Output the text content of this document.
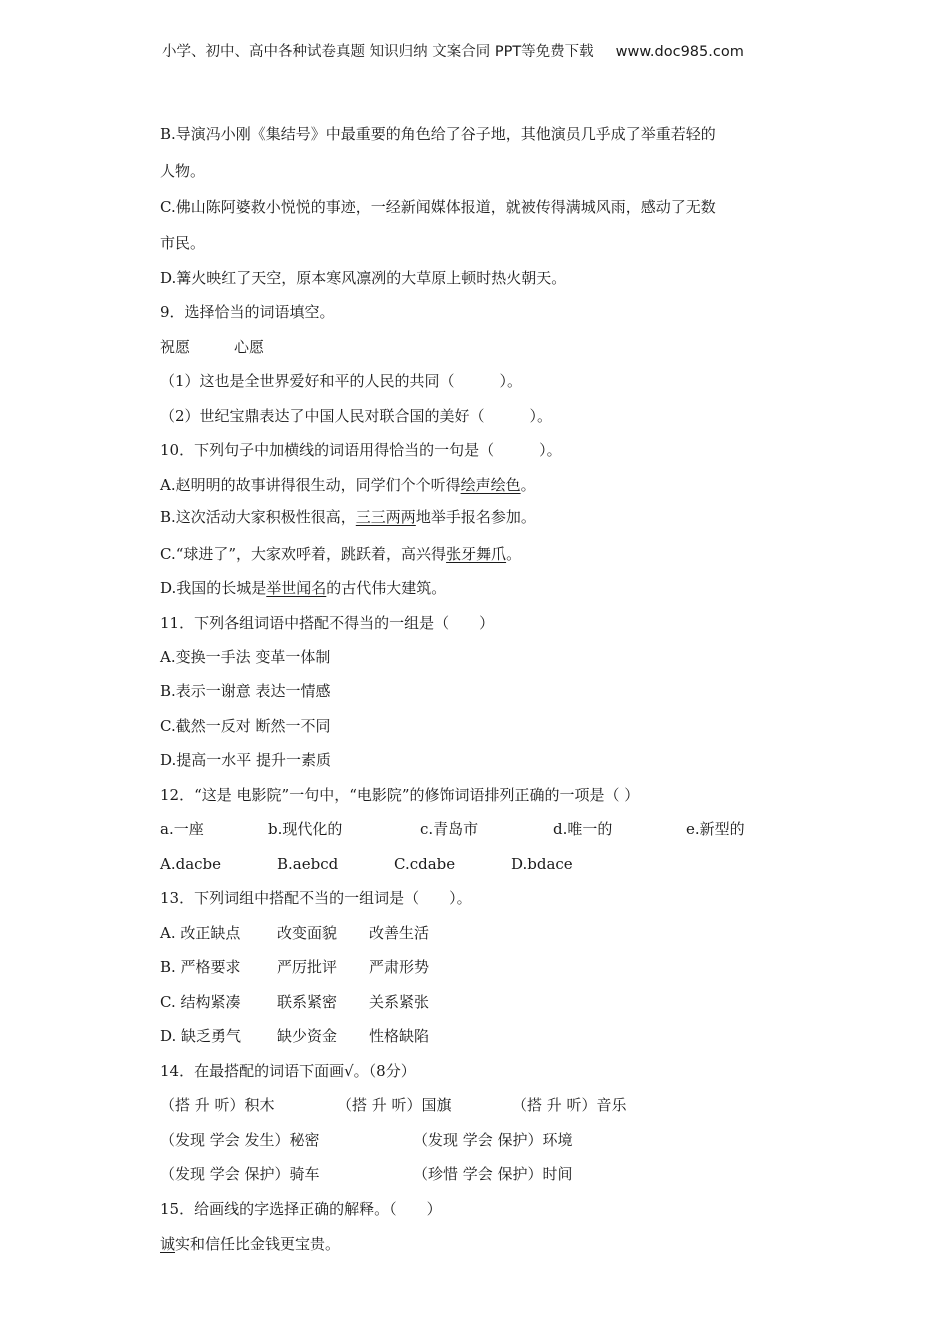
小学、初中、高中各种试卷真题 知识归纳 文案合同 PPT等免费下载 www.doc985.com
B.导演冯小刚《集结号》中最重要的角色给了谷子地，其他演员几乎成了举重若轻的
人物。
C.佛山陈阿婆救小悦悦的事迹，一经新闻媒体报道，就被传得满城风雨，感动了无数
市民。
D.篝火映红了天空，原本寒风凛冽的大草原上顿时热火朝天。
9．选择恰当的词语填空。
祝愿	心愿
（1）这也是全世界爱好和平的人民的共同（　　　）。
（2）世纪宝鼎表达了中国人民对联合国的美好（　　　）。
10．下列句子中加横线的词语用得恰当的一句是（　　　）。
A.赵明明的故事讲得很生动，同学们个个听得绘声绘色。
B.这次活动大家积极性很高，三三两两地举手报名参加。
C.“球进了”，大家欢呼着，跳跃着，高兴得张牙舞爪。
D.我国的长城是举世闻名的古代伟大建筑。
11．下列各组词语中搭配不得当的一组是（　　）
A.变换一手法 变革一体制
B.表示一谢意 表达一情感
C.截然一反对 断然一不同
D.提高一水平 提升一素质
12．“这是 电影院”一句中，“电影院”的修饰词语排列正确的一项是（ ）
a.一座	b.现代化的	c.青岛市	d.唯一的	e.新型的
A.dacbe	B.aebcd	C.cdabe	D.bdace
13．下列词组中搭配不当的一组词是（　　）。
A. 改正缺点 改变面貌 改善生活
B. 严格要求 严厉批评 严肃形势
C. 结构紧凑 联系紧密 关系紧张
D. 缺乏勇气 缺少资金 性格缺陷
14．在最搭配的词语下面画√。（8分）
（搭 升 听）积木	（搭 升 听）国旗	（搭 升 听）音乐
（发现 学会 发生）秘密	（发现 学会 保护）环境
（发现 学会 保护）骑车	（珍惜 学会 保护）时间
15．给画线的字选择正确的解释。（　　）
诚实和信任比金钱更宝贵。
